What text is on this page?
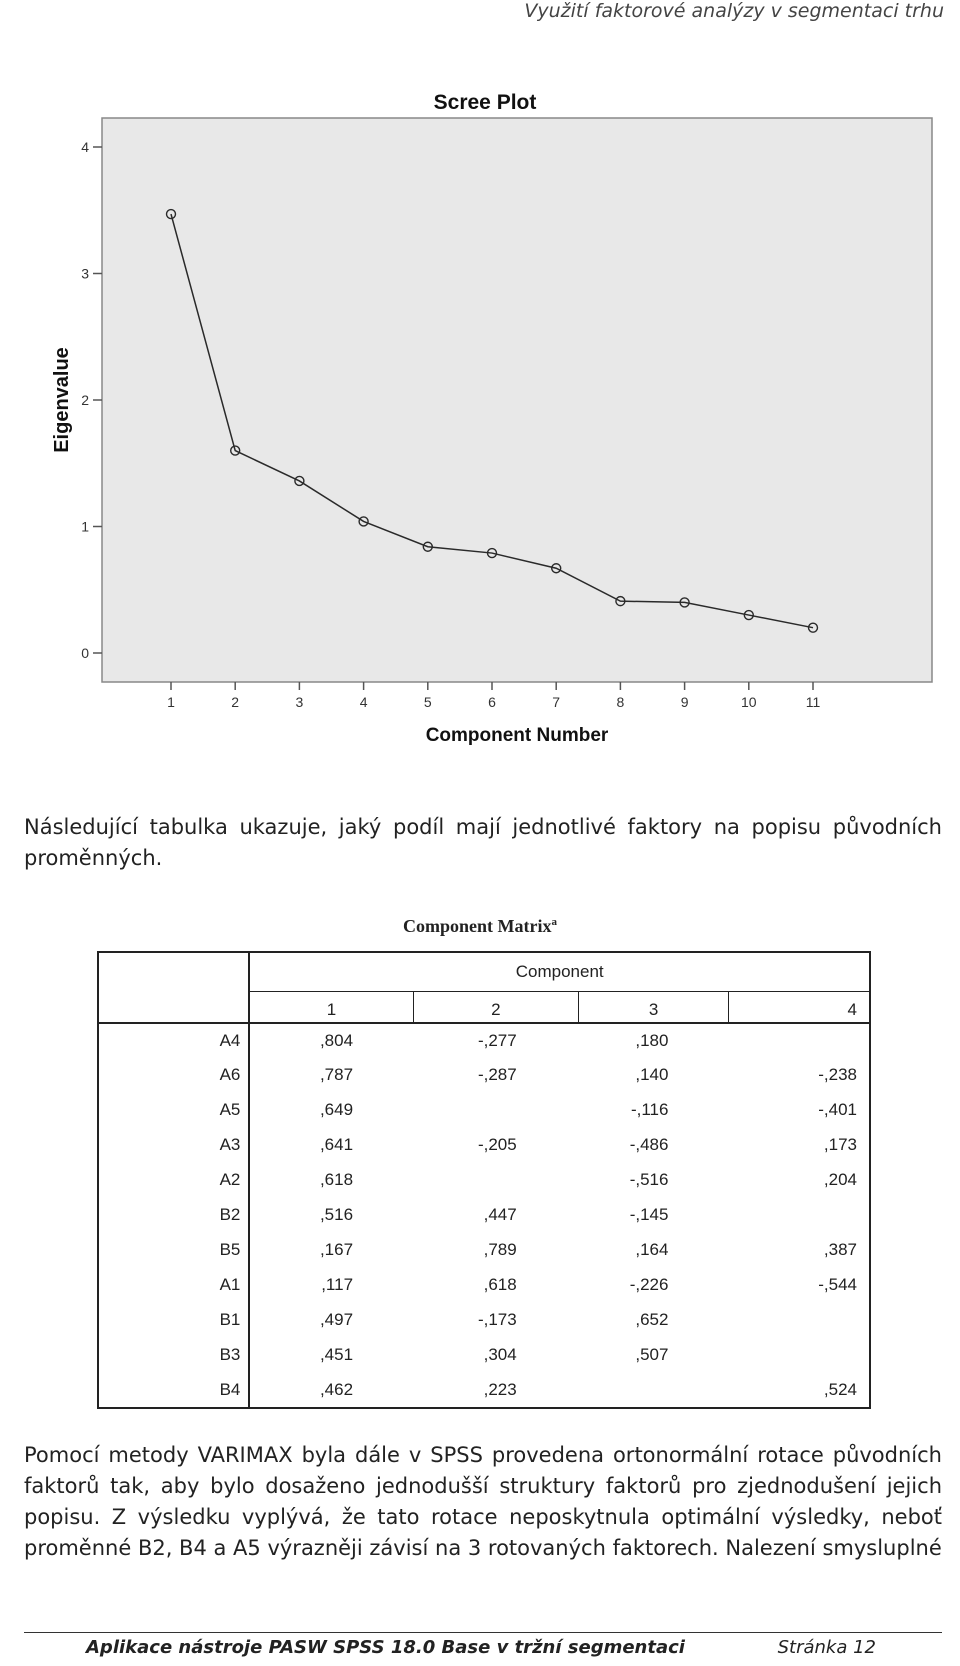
Využití faktorové analýzy v segmentaci trhu
Scree Plot
0
1
2
3
4
1	2	3	4	5	6	7	8	9	10	11
Component Number
Eigenvalue
Následující tabulka ukazuje, jaký podíl mají jednotlivé faktory na popisu původních proměnných.
Component Matrix$^a$
	Component			
	1	2	3	4
A4	,804	-,277	,180	
A6	,787	-,287	,140	-,238
A5	,649		-,116	-,401
A3	,641	-,205	-,486	,173
A2	,618		-,516	,204
B2	,516	,447	-,145	
B5	,167	,789	,164	,387
A1	,117	,618	-,226	-,544
B1	,497	-,173	,652	
B3	,451	,304	,507	
B4	,462	,223		,524
Pomocí metody VARIMAX byla dále v SPSS provedena ortonormální rotace původních faktorů tak, aby bylo dosaženo jednodušší struktury faktorů pro zjednodušení jejich popisu. Z výsledku vyplývá, že tato rotace neposkytnula optimální výsledky, neboť proměnné B2, B4 a A5 výrazněji závisí na 3 rotovaných faktorech. Nalezení smysluplné
Aplikace nástroje PASW SPSS 18.0 Base v tržní segmentaci	Stránka 12
